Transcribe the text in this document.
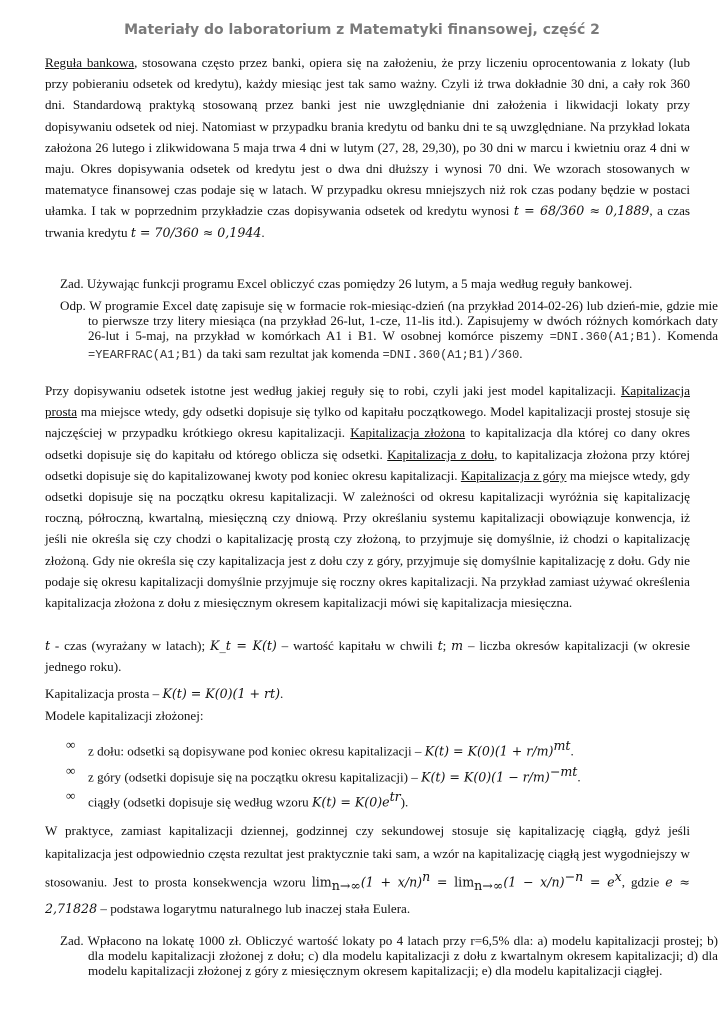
Materiały do laboratorium z Matematyki finansowej, część 2

Reguła bankowa, stosowana często przez banki, opiera się na założeniu, że przy liczeniu oprocentowania z lokaty (lub przy pobieraniu odsetek od kredytu), każdy miesiąc jest tak samo ważny. Czyli iż trwa dokładnie 30 dni, a cały rok 360 dni. Standardową praktyką stosowaną przez banki jest nie uwzględnianie dni założenia i likwidacji lokaty przy dopisywaniu odsetek od niej. Natomiast w przypadku brania kredytu od banku dni te są uwzględniane. Na przykład lokata założona 26 lutego i zlikwidowana 5 maja trwa 4 dni w lutym (27, 28, 29,30), po 30 dni w marcu i kwietniu oraz 4 dni w maju. Okres dopisywania odsetek od kredytu jest o dwa dni dłuższy i wynosi 70 dni. We wzorach stosowanych w matematyce finansowej czas podaje się w latach. W przypadku okresu mniejszych niż rok czas podany będzie w postaci ułamka. I tak w poprzednim przykładzie czas dopisywania odsetek od kredytu wynosi t = 68/360 ≈ 0,1889, a czas trwania kredytu t = 70/360 ≈ 0,1944.

Zad. Używając funkcji programu Excel obliczyć czas pomiędzy 26 lutym, a 5 maja według reguły bankowej.

Odp. W programie Excel datę zapisuje się w formacie rok-miesiąc-dzień (na przykład 2014-02-26) lub dzień-mie, gdzie mie to pierwsze trzy litery miesiąca (na przykład 26-lut, 1-cze, 11-lis itd.). Zapisujemy w dwóch różnych komórkach daty 26-lut i 5-maj, na przykład w komórkach A1 i B1. W osobnej komórce piszemy =DNI.360(A1;B1). Komenda =YEARFRAC(A1;B1) da taki sam rezultat jak komenda =DNI.360(A1;B1)/360.

Przy dopisywaniu odsetek istotne jest według jakiej reguły się to robi, czyli jaki jest model kapitalizacji. Kapitalizacja prosta ma miejsce wtedy, gdy odsetki dopisuje się tylko od kapitału początkowego. Model kapitalizacji prostej stosuje się najczęściej w przypadku krótkiego okresu kapitalizacji. Kapitalizacja złożona to kapitalizacja dla której co dany okres odsetki dopisuje się do kapitału od którego oblicza się odsetki. Kapitalizacja z dołu, to kapitalizacja złożona przy której odsetki dopisuje się do kapitalizowanej kwoty pod koniec okresu kapitalizacji. Kapitalizacja z góry ma miejsce wtedy, gdy odsetki dopisuje się na początku okresu kapitalizacji. W zależności od okresu kapitalizacji wyróżnia się kapitalizację roczną, półroczną, kwartalną, miesięczną czy dniową. Przy określaniu systemu kapitalizacji obowiązuje konwencja, iż jeśli nie określa się czy chodzi o kapitalizację prostą czy złożoną, to przyjmuje się domyślnie, iż chodzi o kapitalizację złożoną. Gdy nie określa się czy kapitalizacja jest z dołu czy z góry, przyjmuje się domyślnie kapitalizację z dołu. Gdy nie podaje się okresu kapitalizacji domyślnie przyjmuje się roczny okres kapitalizacji. Na przykład zamiast używać określenia kapitalizacja złożona z dołu z miesięcznym okresem kapitalizacji mówi się kapitalizacja miesięczna.

t - czas (wyrażany w latach); K_t = K(t) – wartość kapitału w chwili t; m – liczba okresów kapitalizacji (w okresie jednego roku).

Kapitalizacja prosta – K(t) = K(0)(1 + rt).

Modele kapitalizacji złożonej:

∞ z dołu: odsetki są dopisywane pod koniec okresu kapitalizacji – $K(t) = K(0)(1 + r/m)^{mt}$.

∞ z góry (odsetki dopisuje się na początku okresu kapitalizacji) – $K(t) = K(0)(1 - r/m)^{-mt}$.

∞ ciągły (odsetki dopisuje się według wzoru $K(t) = K(0)e^{tr}$).

W praktyce, zamiast kapitalizacji dziennej, godzinnej czy sekundowej stosuje się kapitalizację ciągłą, gdyż jeśli kapitalizacja jest odpowiednio częsta rezultat jest praktycznie taki sam, a wzór na kapitalizację ciągłą jest wygodniejszy w stosowaniu. Jest to prosta konsekwencja wzoru $\lim_{n\to\infty}(1 + x/n)^n = \lim_{n\to\infty}(1 - x/n)^{-n} = e^x$, gdzie e ≈ 2,71828 – podstawa logarytmu naturalnego lub inaczej stała Eulera.

Zad. Wpłacono na lokatę 1000 zł. Obliczyć wartość lokaty po 4 latach przy r=6,5% dla: a) modelu kapitalizacji prostej; b) dla modelu kapitalizacji złożonej z dołu; c) dla modelu kapitalizacji z dołu z kwartalnym okresem kapitalizacji; d) dla modelu kapitalizacji złożonej z góry z miesięcznym okresem kapitalizacji; e) dla modelu kapitalizacji ciągłej.
